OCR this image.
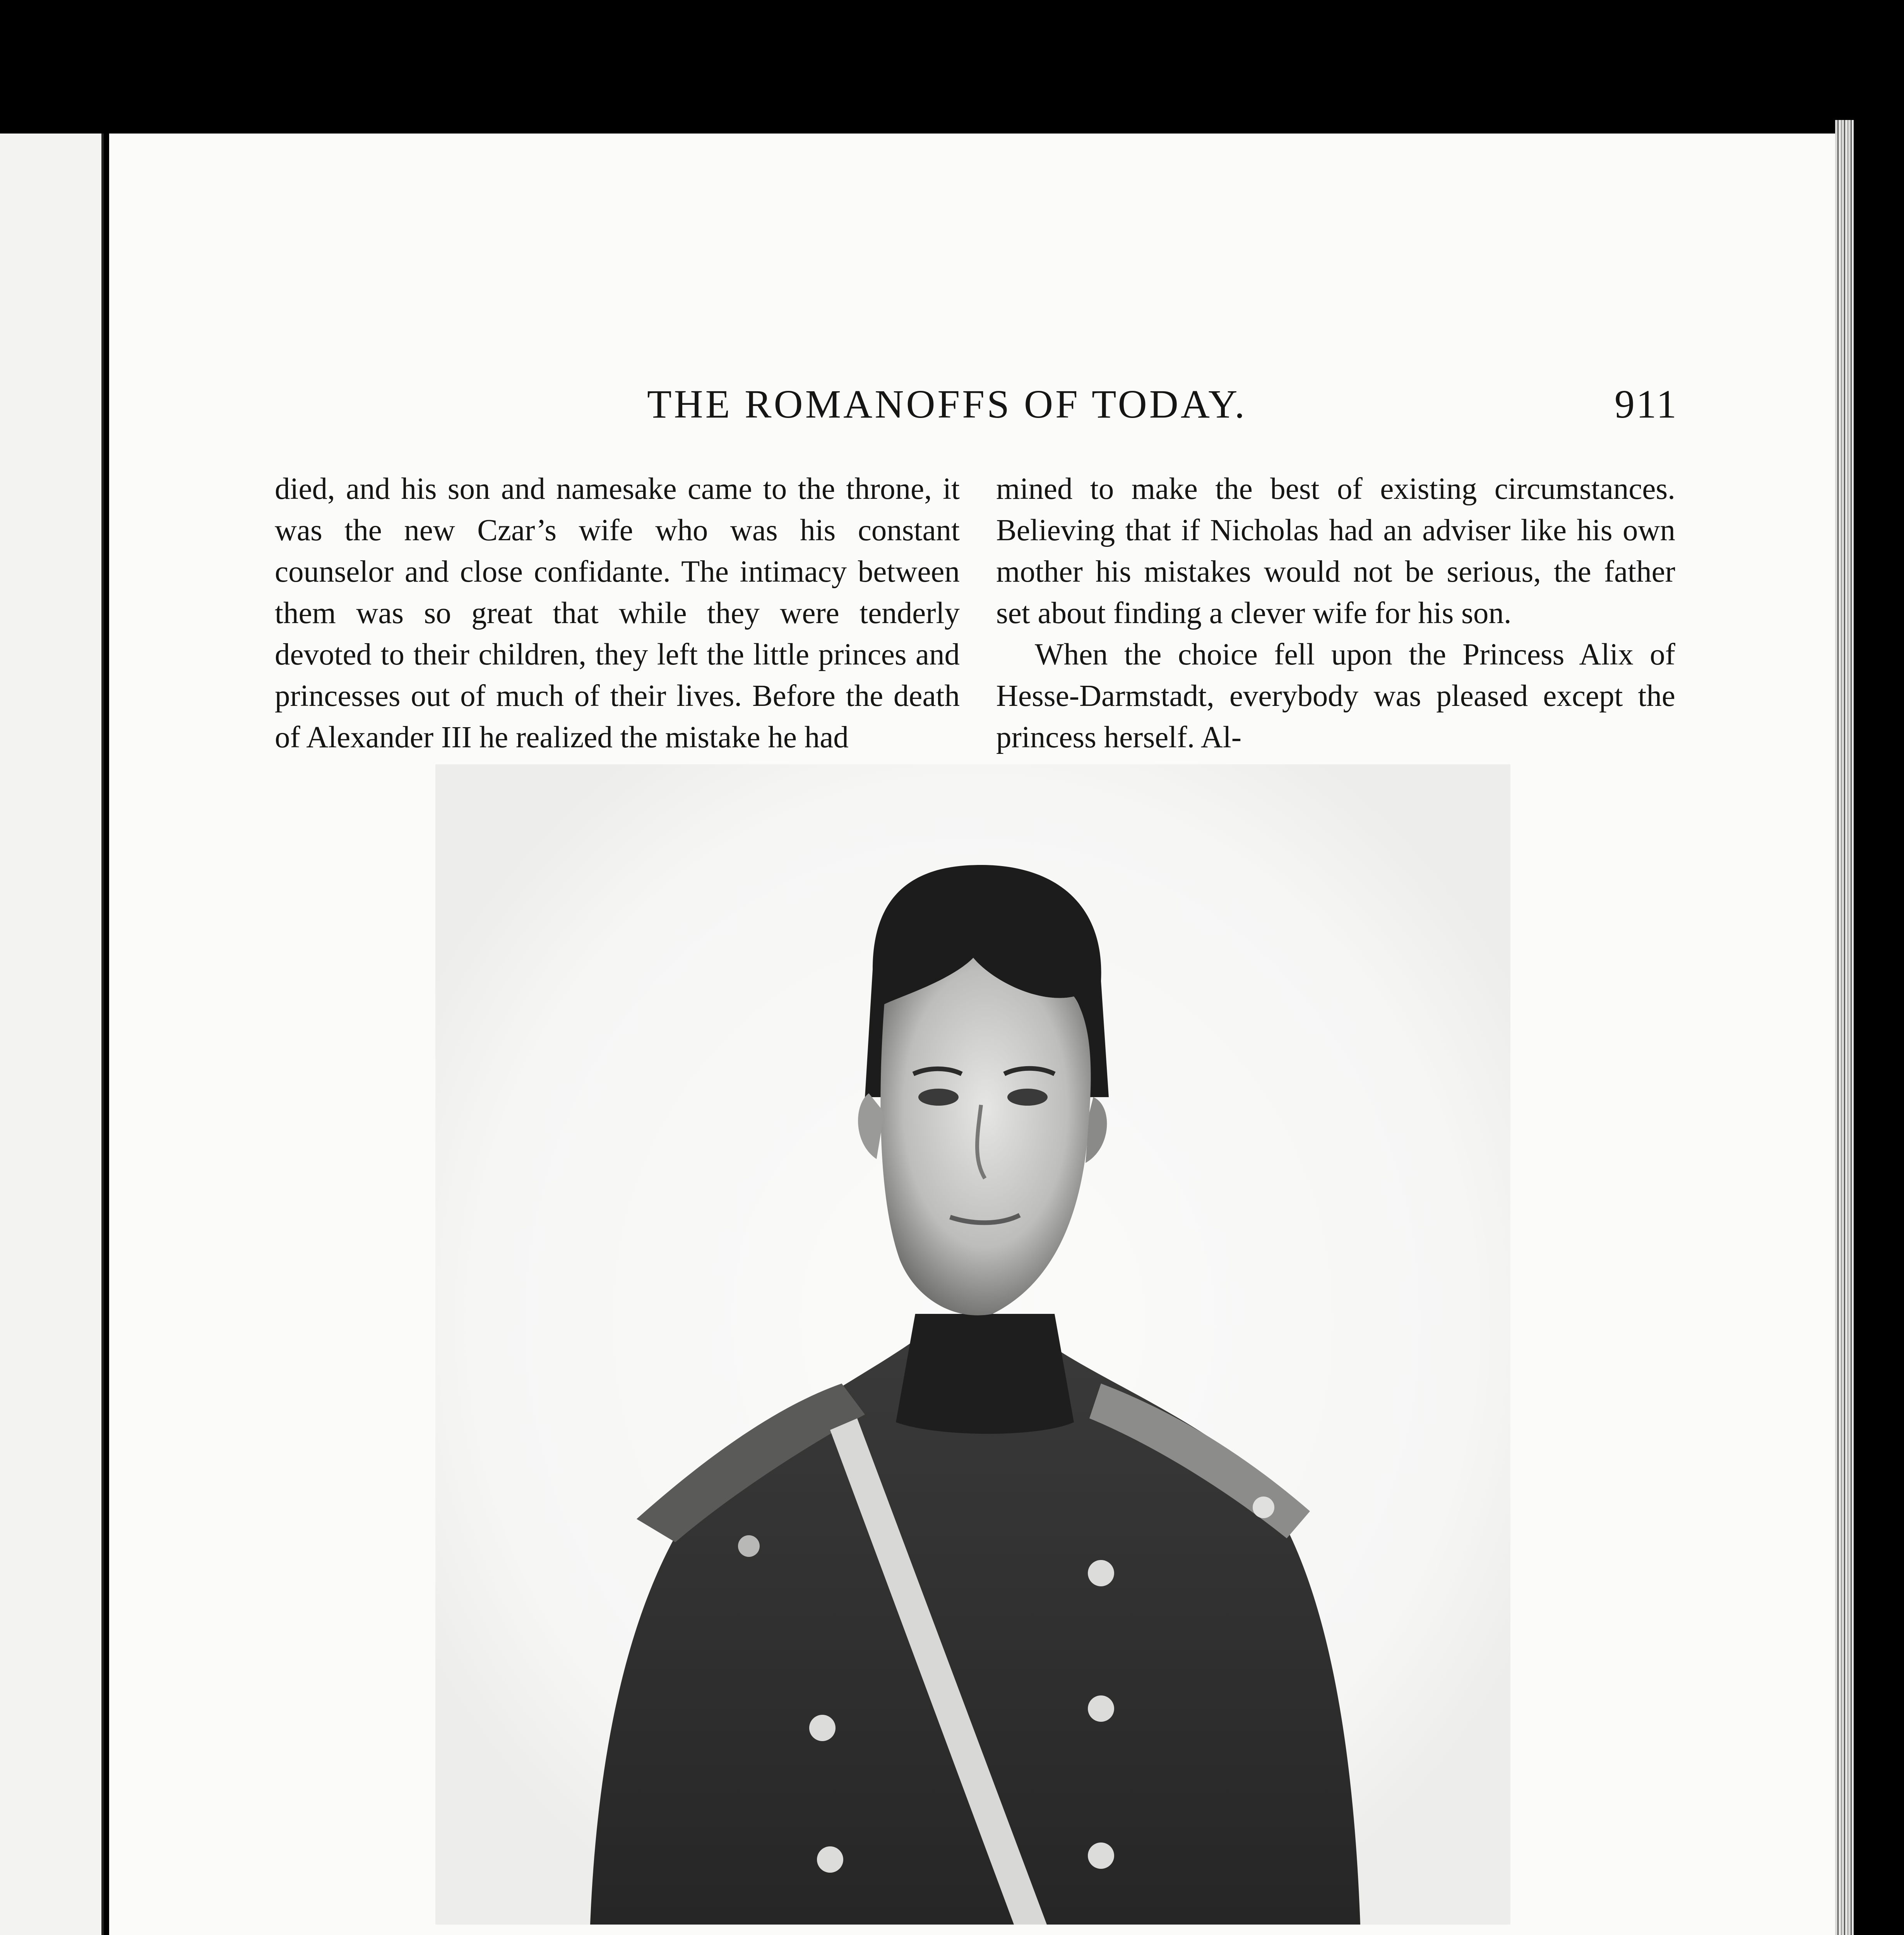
THE ROMANOFFS OF TODAY.	911

died, and his son and namesake came to the throne, it was the new Czar’s wife who was his constant counselor and close confidante. The intimacy between them was so great that while they were tenderly devoted to their children, they left the little princes and princesses out of much of their lives. Before the death of Alexander III he realized the mistake he had

mined to make the best of existing circumstances. Believing that if Nicholas had an adviser like his own mother his mistakes would not be serious, the father set about finding a clever wife for his son.

When the choice fell upon the Princess Alix of Hesse-Darmstadt, everybody was pleased except the princess herself. Al-
